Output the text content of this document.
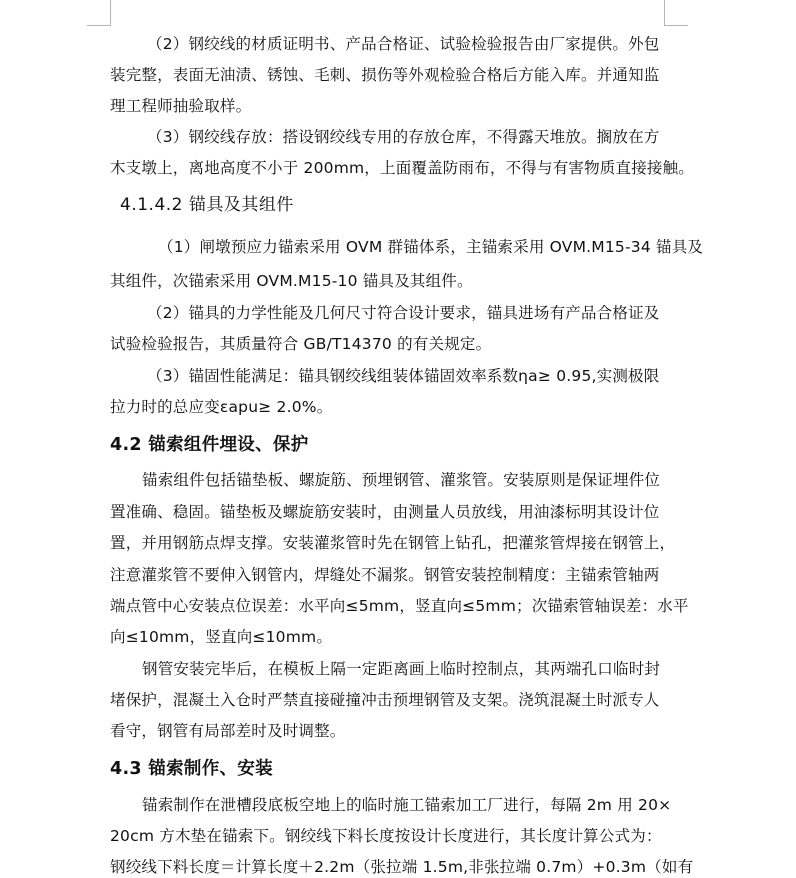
（2）钢绞线的材质证明书、产品合格证、试验检验报告由厂家提供。外包
装完整，表面无油渍、锈蚀、毛刺、损伤等外观检验合格后方能入库。并通知监
理工程师抽验取样。
（3）钢绞线存放：搭设钢绞线专用的存放仓库，不得露天堆放。搁放在方
木支墩上，离地高度不小于 200mm，上面覆盖防雨布，不得与有害物质直接接触。
4.1.4.2 锚具及其组件
（1）闸墩预应力锚索采用 OVM 群锚体系，主锚索采用 OVM.M15-34 锚具及
其组件，次锚索采用 OVM.M15-10 锚具及其组件。
（2）锚具的力学性能及几何尺寸符合设计要求，锚具进场有产品合格证及
试验检验报告，其质量符合 GB/T14370 的有关规定。
（3）锚固性能满足：锚具钢绞线组装体锚固效率系数ηa≥ 0.95,实测极限
拉力时的总应变εapu≥ 2.0%。
4.2 锚索组件埋设、保护
锚索组件包括锚垫板、螺旋筋、预埋钢管、灌浆管。安装原则是保证埋件位
置准确、稳固。锚垫板及螺旋筋安装时，由测量人员放线，用油漆标明其设计位
置，并用钢筋点焊支撑。安装灌浆管时先在钢管上钻孔，把灌浆管焊接在钢管上，
注意灌浆管不要伸入钢管内，焊缝处不漏浆。钢管安装控制精度：主锚索管轴两
端点管中心安装点位误差：水平向≤5mm，竖直向≤5mm；次锚索管轴误差：水平
向≤10mm，竖直向≤10mm。
钢管安装完毕后，在模板上隔一定距离画上临时控制点，其两端孔口临时封
堵保护，混凝土入仓时严禁直接碰撞冲击预埋钢管及支架。浇筑混凝土时派专人
看守，钢管有局部差时及时调整。
4.3 锚索制作、安装
锚索制作在泄槽段底板空地上的临时施工锚索加工厂进行，每隔 2m 用 20×
20cm 方木垫在锚索下。钢绞线下料长度按设计长度进行，其长度计算公式为：
钢绞线下料长度＝计算长度＋2.2m（张拉端 1.5m,非张拉端 0.7m）+0.3m（如有
